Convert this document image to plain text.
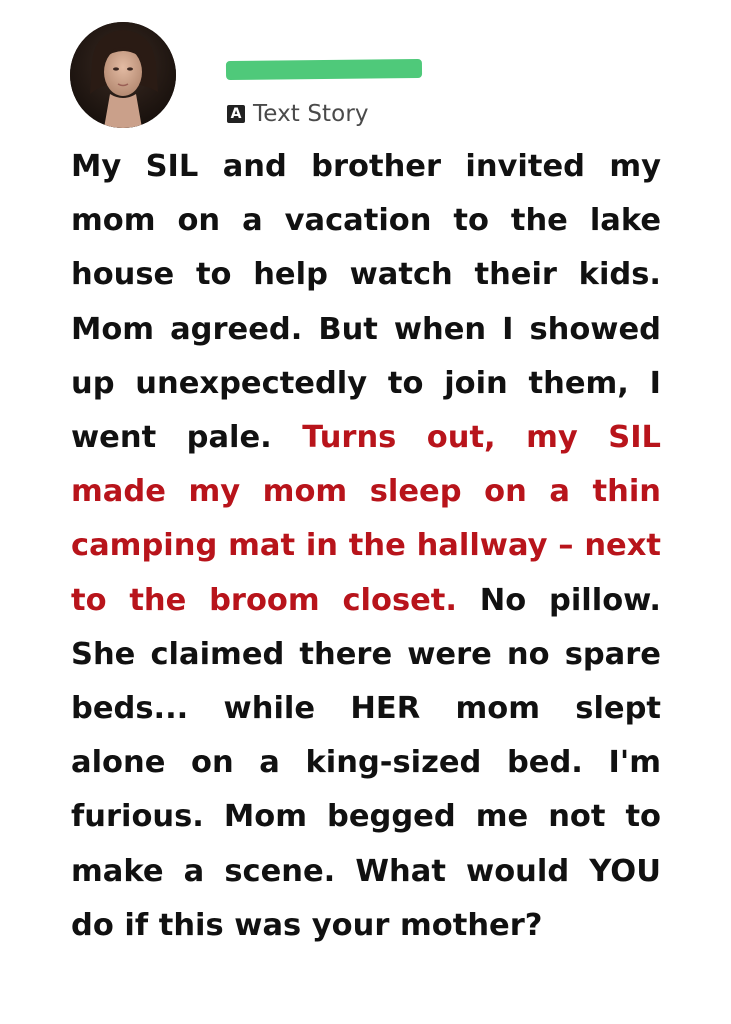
A Text Story

My SIL and brother invited my mom on a vacation to the lake house to help watch their kids. Mom agreed. But when I showed up unexpectedly to join them, I went pale. Turns out, my SIL made my mom sleep on a thin camping mat in the hallway – next to the broom closet. No pillow. She claimed there were no spare beds... while HER mom slept alone on a king-sized bed. I'm furious. Mom begged me not to make a scene. What would YOU do if this was your mother?
